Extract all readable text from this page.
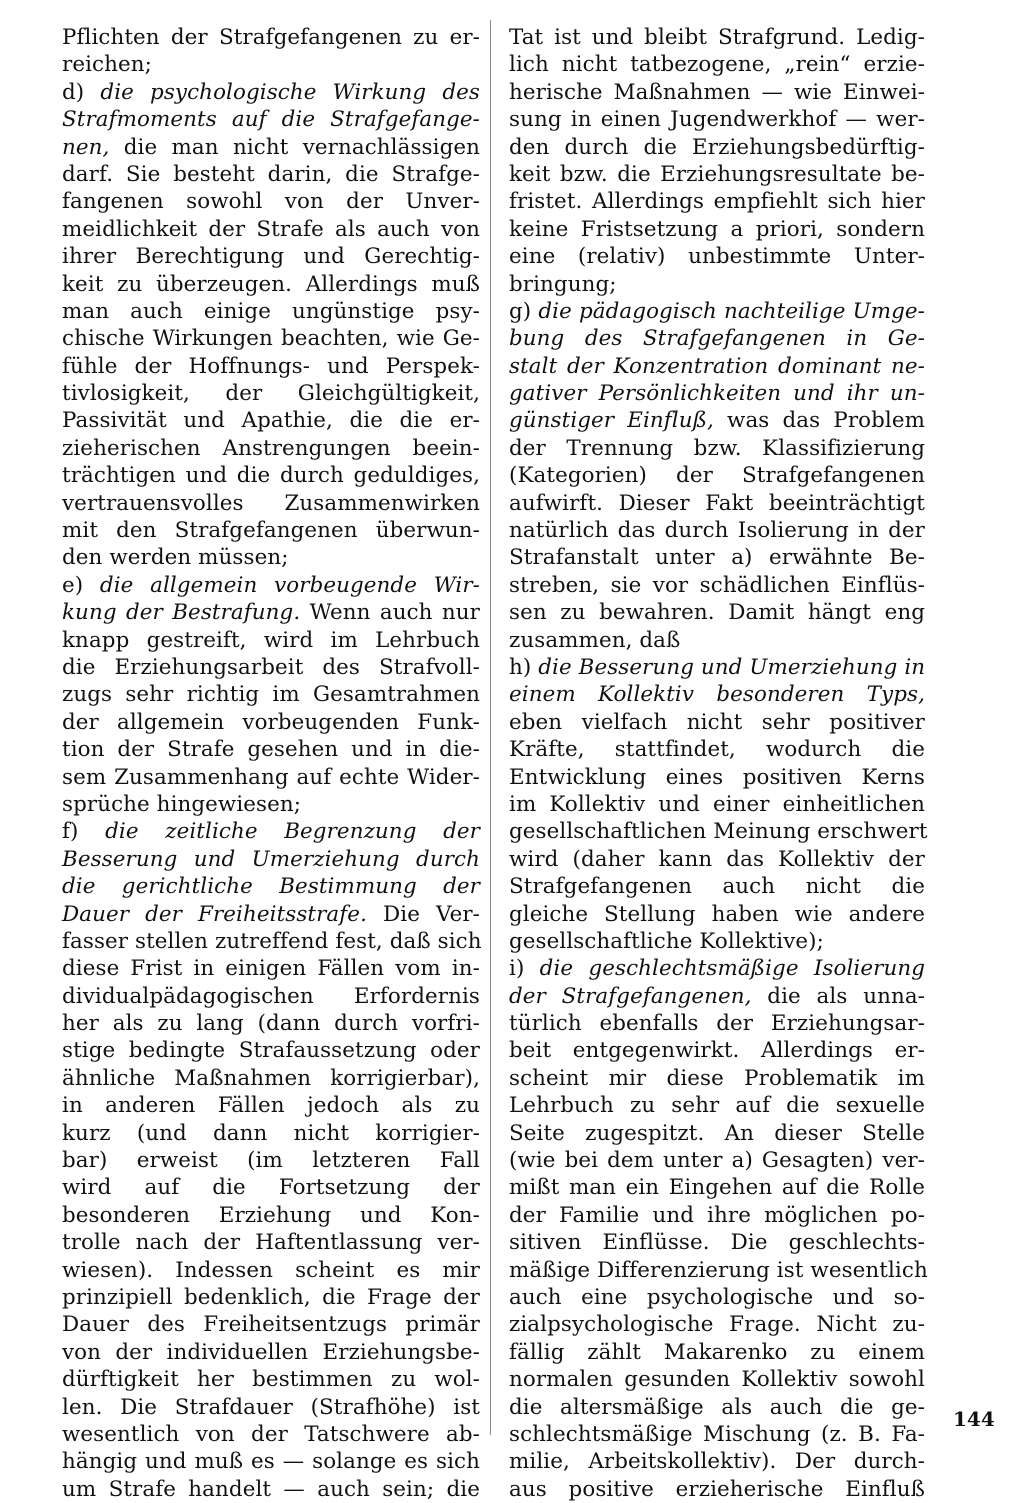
Pflichten der Strafgefangenen zu er-
reichen;
d) die psychologische Wirkung des
Strafmoments auf die Strafgefange-
nen, die man nicht vernachlässigen
darf. Sie besteht darin, die Strafge-
fangenen sowohl von der Unver-
meidlichkeit der Strafe als auch von
ihrer Berechtigung und Gerechtig-
keit zu überzeugen. Allerdings muß
man auch einige ungünstige psy-
chische Wirkungen beachten, wie Ge-
fühle der Hoffnungs- und Perspek-
tivlosigkeit, der Gleichgültigkeit,
Passivität und Apathie, die die er-
zieherischen Anstrengungen beein-
trächtigen und die durch geduldiges,
vertrauensvolles Zusammenwirken
mit den Strafgefangenen überwun-
den werden müssen;
e) die allgemein vorbeugende Wir-
kung der Bestrafung. Wenn auch nur
knapp gestreift, wird im Lehrbuch
die Erziehungsarbeit des Strafvoll-
zugs sehr richtig im Gesamtrahmen
der allgemein vorbeugenden Funk-
tion der Strafe gesehen und in die-
sem Zusammenhang auf echte Wider-
sprüche hingewiesen;
f) die zeitliche Begrenzung der
Besserung und Umerziehung durch
die gerichtliche Bestimmung der
Dauer der Freiheitsstrafe. Die Ver-
fasser stellen zutreffend fest, daß sich
diese Frist in einigen Fällen vom in-
dividualpädagogischen Erfordernis
her als zu lang (dann durch vorfri-
stige bedingte Strafaussetzung oder
ähnliche Maßnahmen korrigierbar),
in anderen Fällen jedoch als zu
kurz (und dann nicht korrigier-
bar) erweist (im letzteren Fall
wird auf die Fortsetzung der
besonderen Erziehung und Kon-
trolle nach der Haftentlassung ver-
wiesen). Indessen scheint es mir
prinzipiell bedenklich, die Frage der
Dauer des Freiheitsentzugs primär
von der individuellen Erziehungsbe-
dürftigkeit her bestimmen zu wol-
len. Die Strafdauer (Strafhöhe) ist
wesentlich von der Tatschwere ab-
hängig und muß es — solange es sich
um Strafe handelt — auch sein; die
Tat ist und bleibt Strafgrund. Ledig-
lich nicht tatbezogene, „rein“ erzie-
herische Maßnahmen — wie Einwei-
sung in einen Jugendwerkhof — wer-
den durch die Erziehungsbedürftig-
keit bzw. die Erziehungsresultate be-
fristet. Allerdings empfiehlt sich hier
keine Fristsetzung a priori, sondern
eine (relativ) unbestimmte Unter-
bringung;
g) die pädagogisch nachteilige Umge-
bung des Strafgefangenen in Ge-
stalt der Konzentration dominant ne-
gativer Persönlichkeiten und ihr un-
günstiger Einfluß, was das Problem
der Trennung bzw. Klassifizierung
(Kategorien) der Strafgefangenen
aufwirft. Dieser Fakt beeinträchtigt
natürlich das durch Isolierung in der
Strafanstalt unter a) erwähnte Be-
streben, sie vor schädlichen Einflüs-
sen zu bewahren. Damit hängt eng
zusammen, daß
h) die Besserung und Umerziehung in
einem Kollektiv besonderen Typs,
eben vielfach nicht sehr positiver
Kräfte, stattfindet, wodurch die
Entwicklung eines positiven Kerns
im Kollektiv und einer einheitlichen
gesellschaftlichen Meinung erschwert
wird (daher kann das Kollektiv der
Strafgefangenen auch nicht die
gleiche Stellung haben wie andere
gesellschaftliche Kollektive);
i) die geschlechtsmäßige Isolierung
der Strafgefangenen, die als unna-
türlich ebenfalls der Erziehungsar-
beit entgegenwirkt. Allerdings er-
scheint mir diese Problematik im
Lehrbuch zu sehr auf die sexuelle
Seite zugespitzt. An dieser Stelle
(wie bei dem unter a) Gesagten) ver-
mißt man ein Eingehen auf die Rolle
der Familie und ihre möglichen po-
sitiven Einflüsse. Die geschlechts-
mäßige Differenzierung ist wesentlich
auch eine psychologische und so-
zialpsychologische Frage. Nicht zu-
fällig zählt Makarenko zu einem
normalen gesunden Kollektiv sowohl
die altersmäßige als auch die ge-
schlechtsmäßige Mischung (z. B. Fa-
milie, Arbeitskollektiv). Der durch-
aus positive erzieherische Einfluß
144
